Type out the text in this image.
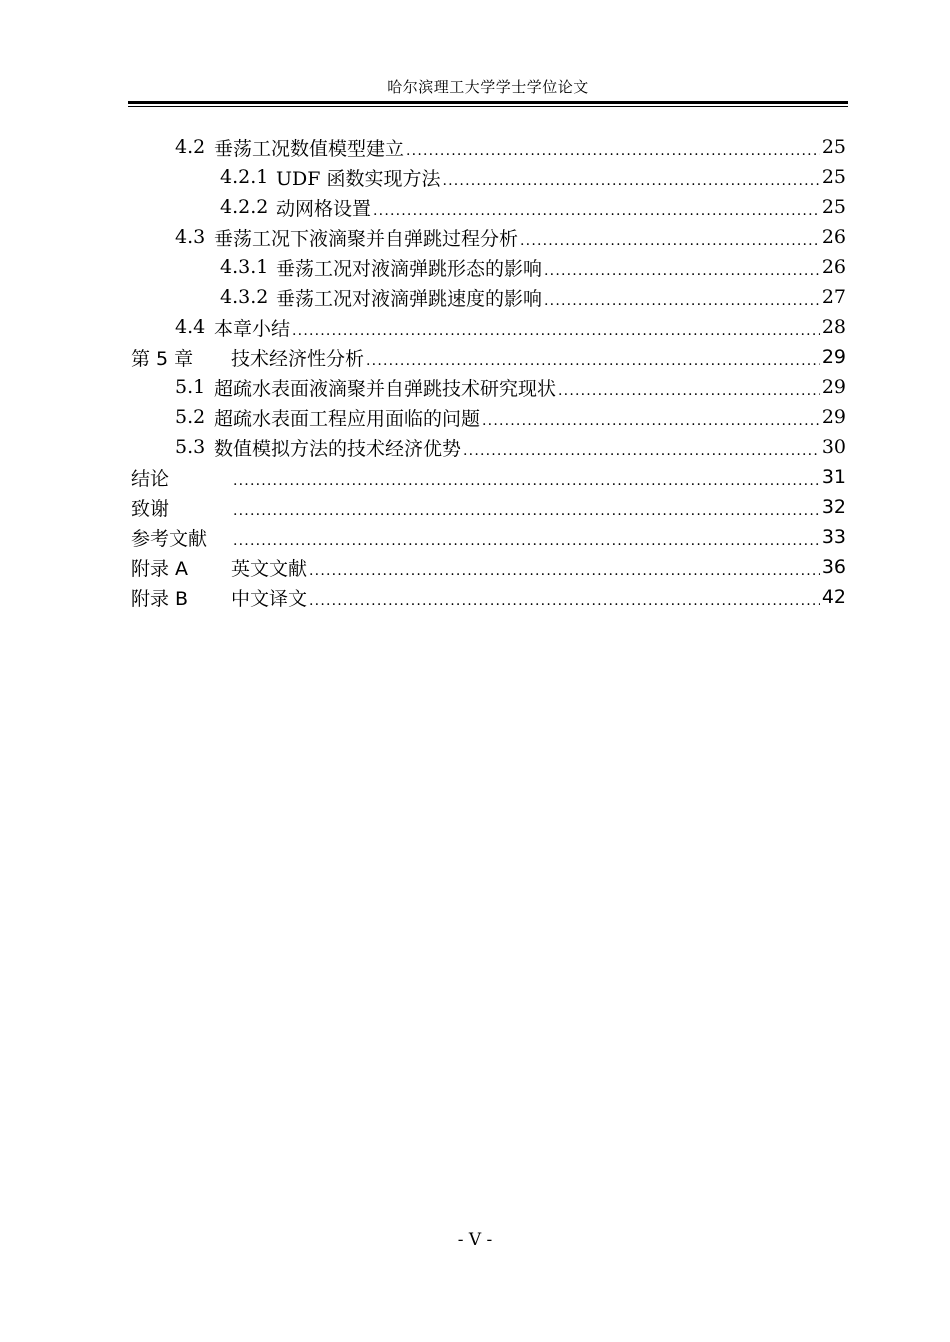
哈尔滨理工大学学士学位论文
4.2 垂荡工况数值模型建立 .....	25
4.2.1 UDF 函数实现方法 .....	25
4.2.2 动网格设置 .....	25
4.3 垂荡工况下液滴聚并自弹跳过程分析 .....	26
4.3.1 垂荡工况对液滴弹跳形态的影响 .....	26
4.3.2 垂荡工况对液滴弹跳速度的影响 .....	27
4.4 本章小结 .....	28
第 5 章	技术经济性分析 .....	29
5.1 超疏水表面液滴聚并自弹跳技术研究现状 .....	29
5.2 超疏水表面工程应用面临的问题 .....	29
5.3 数值模拟方法的技术经济优势 .....	30
结论 .....	31
致谢 .....	32
参考文献 .....	33
附录 A	英文文献 .....	36
附录 B	中文译文 .....	42
- V -
